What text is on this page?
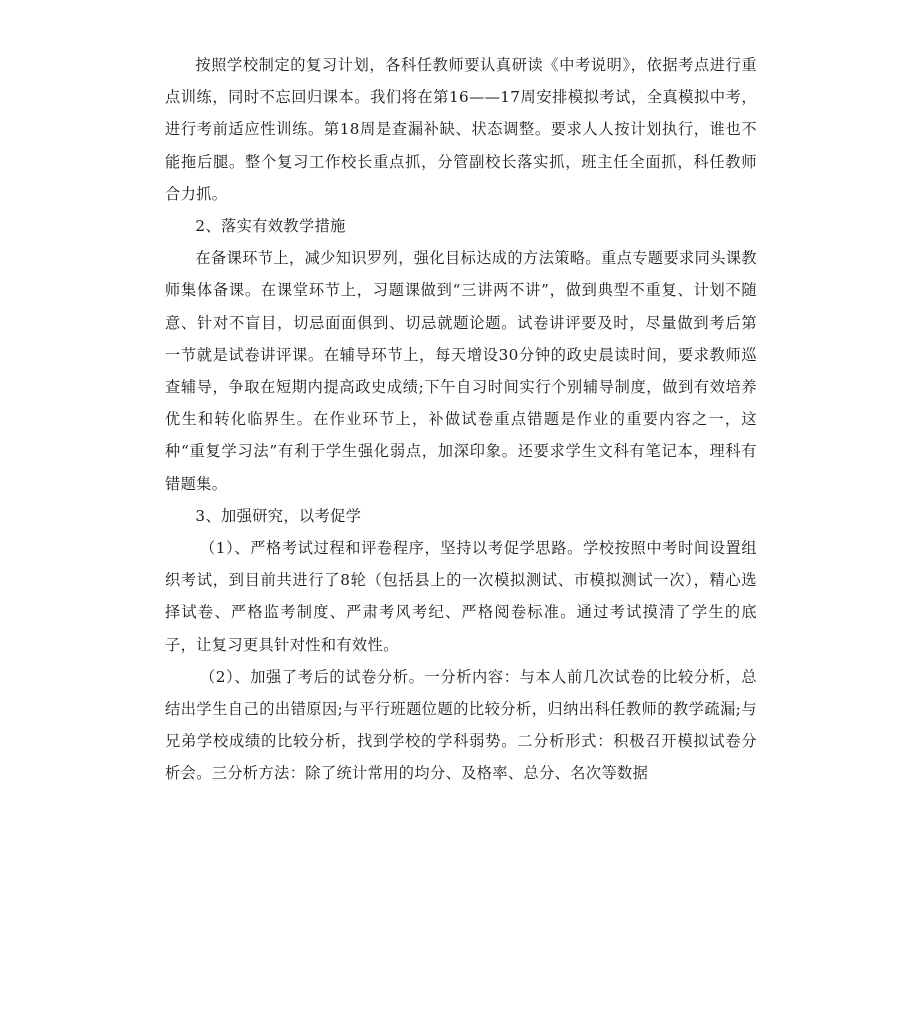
按照学校制定的复习计划，各科任教师要认真研读《中考说明》，依据考点进行重点训练，同时不忘回归课本。我们将在第16——17周安排模拟考试，全真模拟中考，进行考前适应性训练。第18周是查漏补缺、状态调整。要求人人按计划执行，谁也不能拖后腿。整个复习工作校长重点抓，分管副校长落实抓，班主任全面抓，科任教师合力抓。

2、落实有效教学措施

在备课环节上，减少知识罗列，强化目标达成的方法策略。重点专题要求同头课教师集体备课。在课堂环节上，习题课做到“三讲两不讲”，做到典型不重复、计划不随意、针对不盲目，切忌面面俱到、切忌就题论题。试卷讲评要及时，尽量做到考后第一节就是试卷讲评课。在辅导环节上，每天增设30分钟的政史晨读时间，要求教师巡查辅导，争取在短期内提高政史成绩;下午自习时间实行个别辅导制度，做到有效培养优生和转化临界生。在作业环节上，补做试卷重点错题是作业的重要内容之一，这种“重复学习法”有利于学生强化弱点，加深印象。还要求学生文科有笔记本，理科有错题集。

3、加强研究，以考促学

（1）、严格考试过程和评卷程序，坚持以考促学思路。学校按照中考时间设置组织考试，到目前共进行了8轮（包括县上的一次模拟测试、市模拟测试一次），精心选择试卷、严格监考制度、严肃考风考纪、严格阅卷标准。通过考试摸清了学生的底子，让复习更具针对性和有效性。

（2）、加强了考后的试卷分析。一分析内容：与本人前几次试卷的比较分析，总结出学生自己的出错原因;与平行班题位题的比较分析，归纳出科任教师的教学疏漏;与兄弟学校成绩的比较分析，找到学校的学科弱势。二分析形式：积极召开模拟试卷分析会。三分析方法：除了统计常用的均分、及格率、总分、名次等数据
